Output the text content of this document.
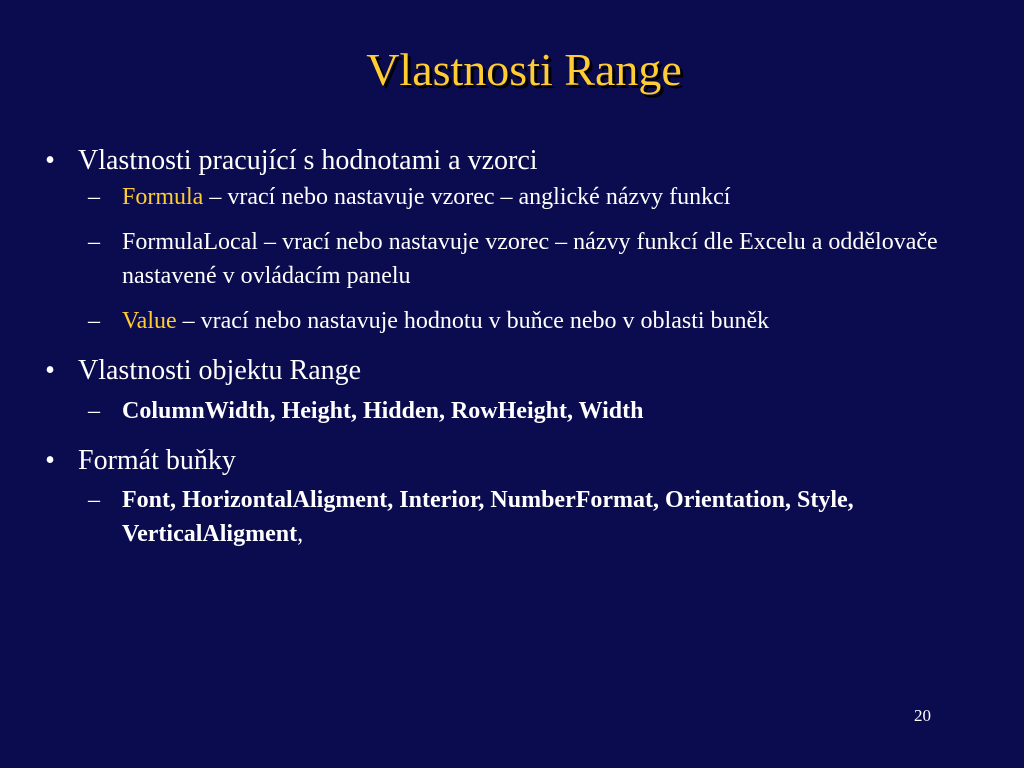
Vlastnosti Range
• Vlastnosti pracující s hodnotami a vzorci
– Formula – vrací nebo nastavuje vzorec – anglické názvy funkcí
– FormulaLocal – vrací nebo nastavuje vzorec – názvy funkcí dle Excelu a oddělovače nastavené v ovládacím panelu
– Value – vrací nebo nastavuje hodnotu v buňce nebo v oblasti buněk
• Vlastnosti objektu Range
– ColumnWidth, Height, Hidden, RowHeight, Width
• Formát buňky
– Font, HorizontalAligment, Interior, NumberFormat, Orientation, Style, VerticalAligment,
20
